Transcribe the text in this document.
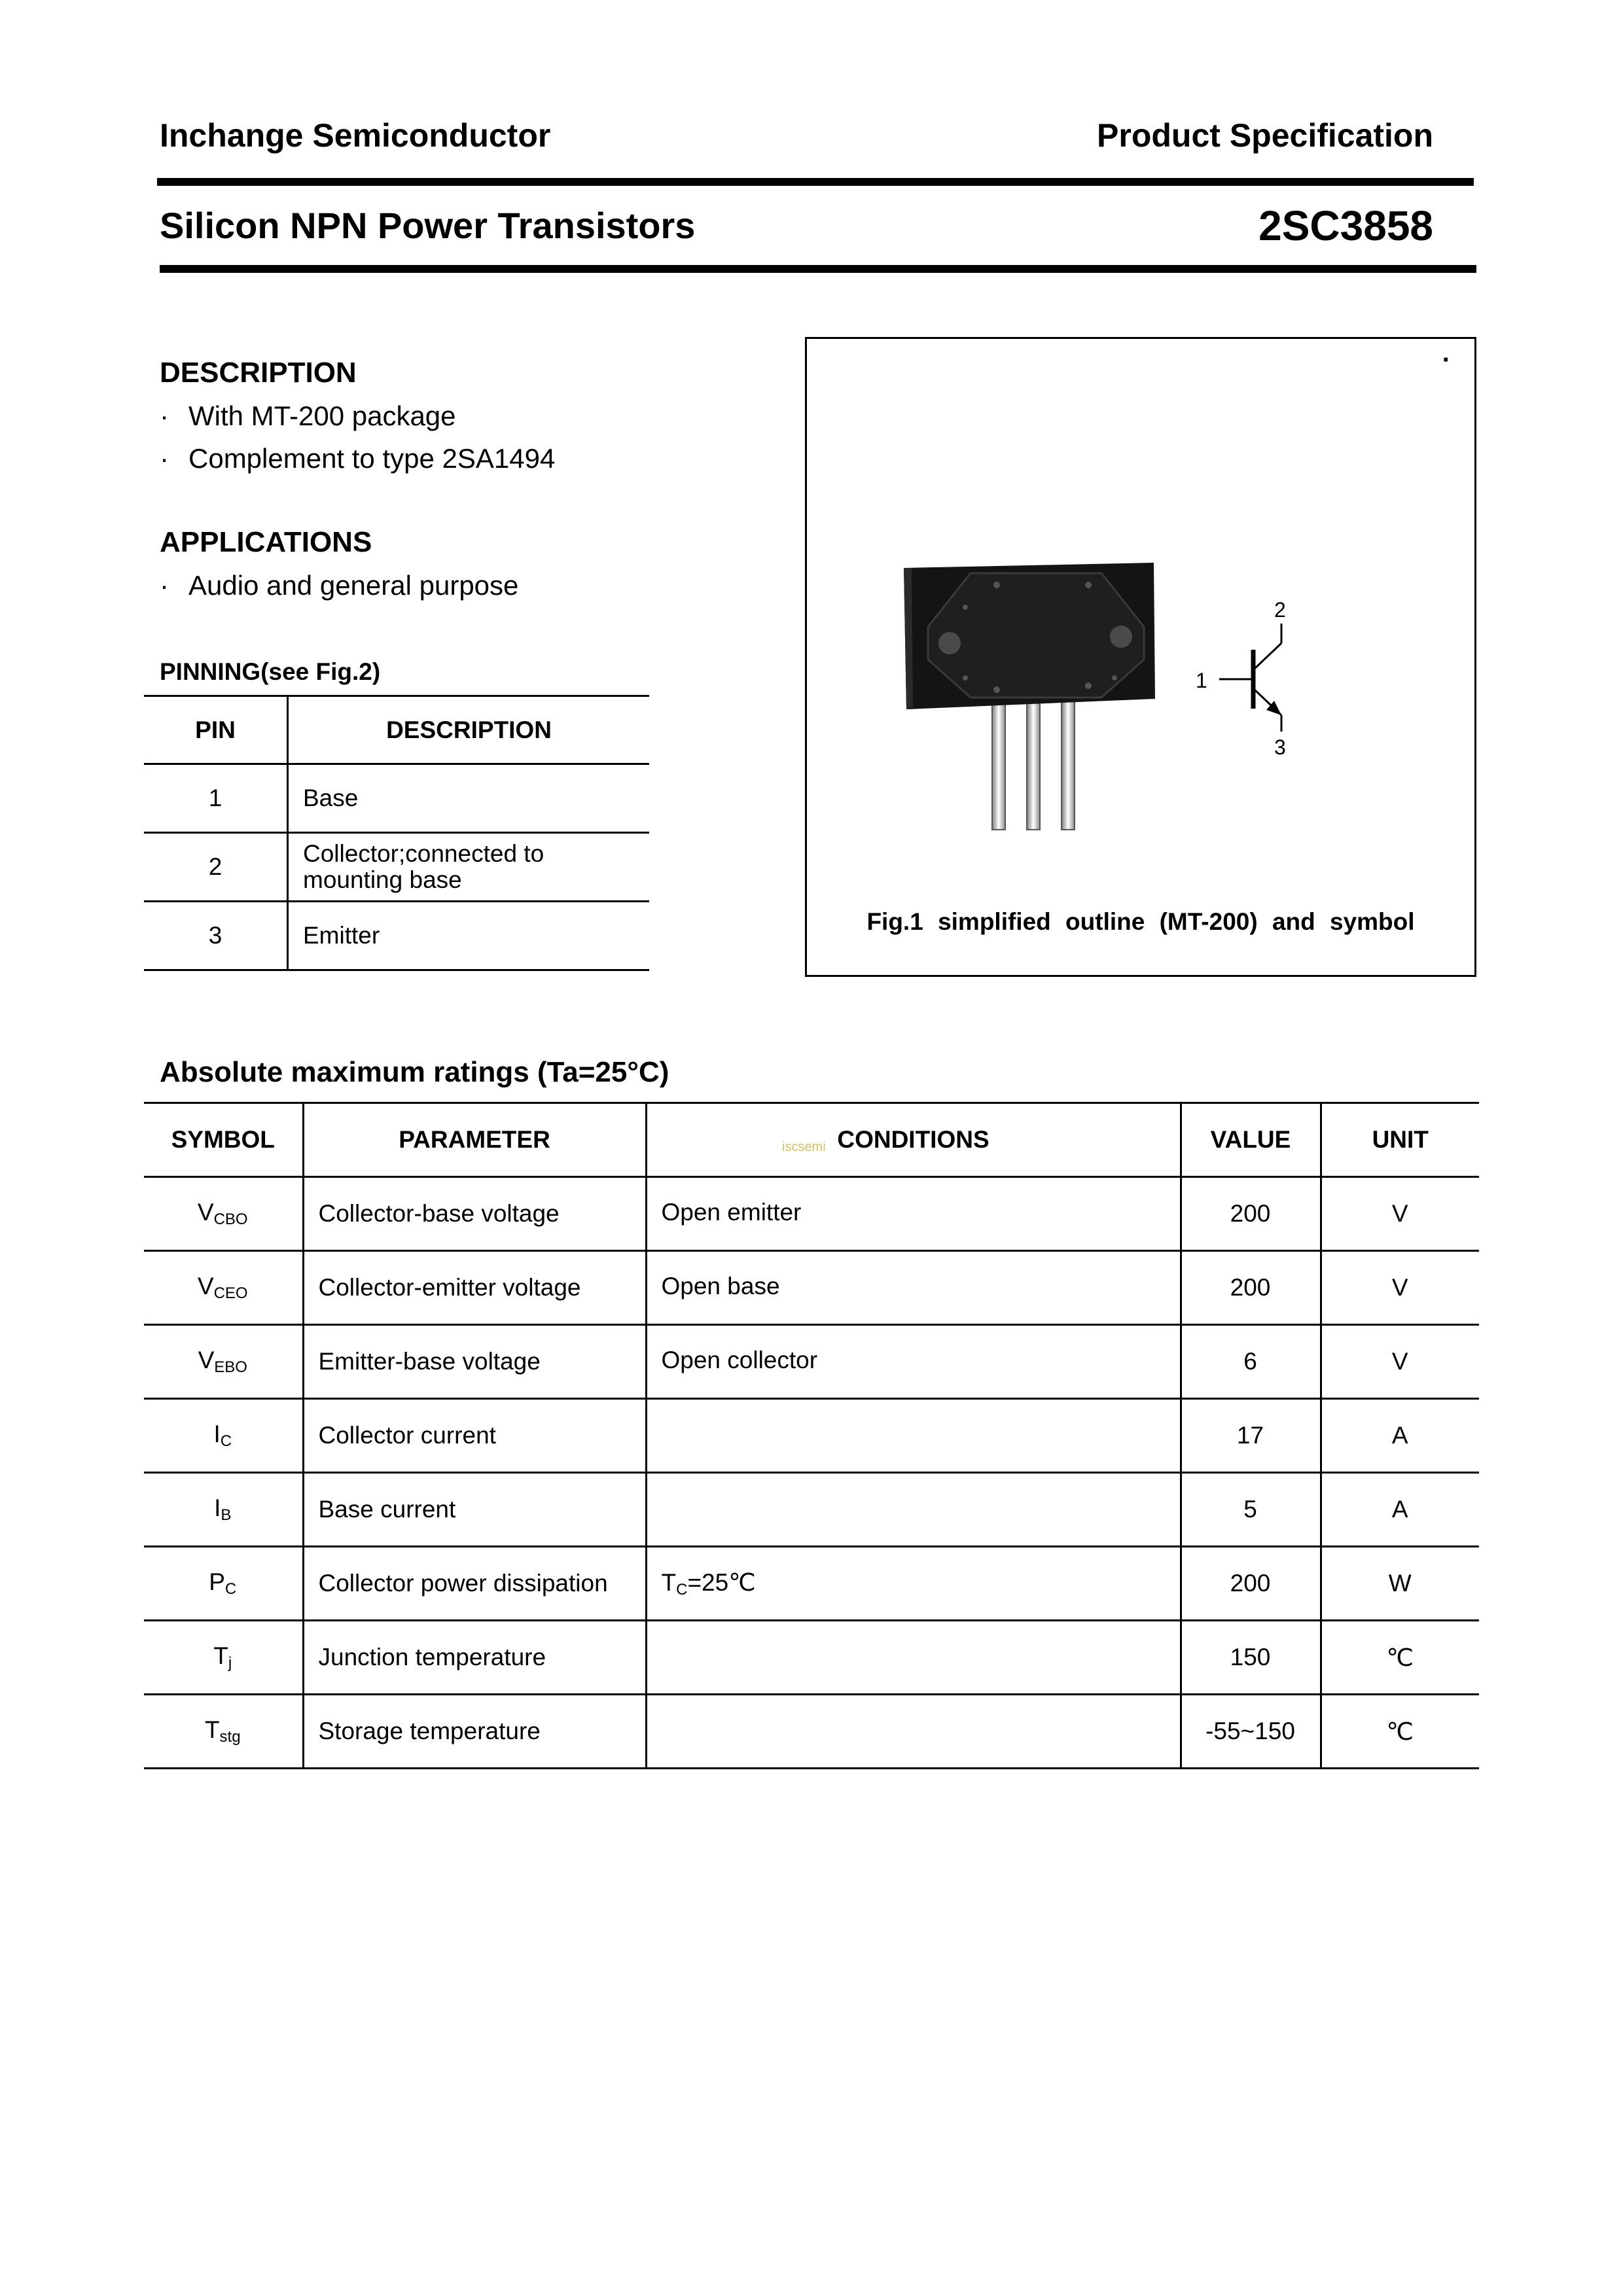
Inchange Semiconductor	Product Specification
Silicon NPN Power Transistors	2SC3858
DESCRIPTION
· With MT-200 package
· Complement to type 2SA1494
APPLICATIONS
· Audio and general purpose
PINNING(see Fig.2)
PIN	DESCRIPTION
1	Base
2	Collector;connected to mounting base
3	Emitter
·
1
2
3
Fig.1 simplified outline (MT-200) and symbol
Absolute maximum ratings (Ta=25°C)
iscsemi
SYMBOL	PARAMETER	CONDITIONS	VALUE	UNIT
$V_{CBO}$	Collector-base voltage	Open emitter	200	V
$V_{CEO}$	Collector-emitter voltage	Open base	200	V
$V_{EBO}$	Emitter-base voltage	Open collector	6	V
$I_C$	Collector current		17	A
$I_B$	Base current		5	A
$P_C$	Collector power dissipation	$T_C=25℃$	200	W
$T_j$	Junction temperature		150	℃
$T_{stg}$	Storage temperature		-55~150	℃
